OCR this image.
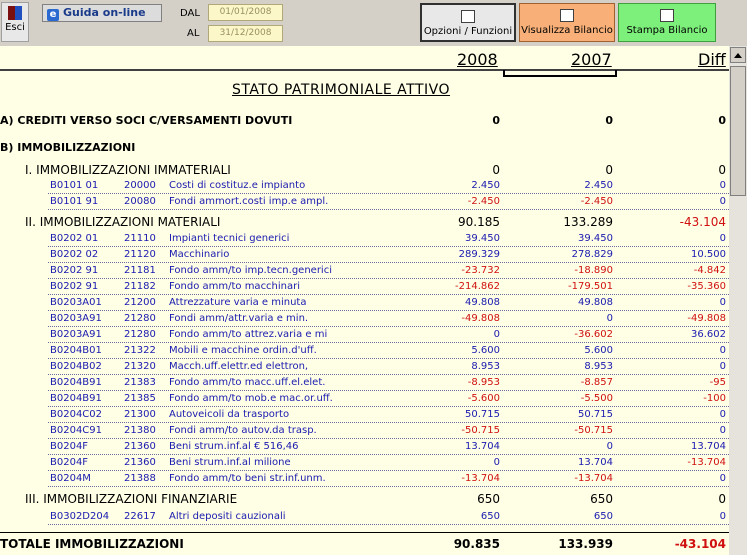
Esci
e Guida on-line	DAL
AL
01/01/2008
31/12/2008	Opzioni / Funzioni Visualizza Bilancio	Stampa Bilancio
2008	2007	Diff
STATO PATRIMONIALE ATTIVO
A) CREDITI VERSO SOCI C/VERSAMENTI DOVUTI	0	0	0
B) IMMOBILIZZAZIONI
I. IMMOBILIZZAZIONI IMMATERIALI	0	0	0
B0101 01	20000 Costi di costituz.e impianto	2.450	2.450	0
B0101 91	20080 Fondi ammort.costi imp.e ampl.	-2.450	-2.450	0
II. IMMOBILIZZAZIONI MATERIALI	90.185	133.289	-43.104
B0202 01	21110 Impianti tecnici generici	39.450	39.450	0
B0202 02	21120 Macchinario	289.329	278.829	10.500
B0202 91	21181 Fondo amm/to imp.tecn.generici	-23.732	-18.890	-4.842
B0202 91	21182 Fondo amm/to macchinari	-214.862	-179.501	-35.360
B0203A01 21200 Attrezzature varia e minuta	49.808	49.808	0
B0203A91 21280 Fondi amm/attr.varia e min.	-49.808	0	-49.808
B0203A91 21280 Fondo amm/to attrez.varia e mi	0	-36.602	36.602
B0204B01 21322 Mobili e macchine ordin.d'uff.	5.600	5.600	0
B0204B02 21320 Macch.uff.elettr.ed elettron,	8.953	8.953	0
B0204B91 21383 Fondo amm/to macc.uff.el.elet.	-8.953	-8.857	-95
B0204B91 21385 Fondo amm/to mob.e mac.or.uff.	-5.600	-5.500	-100
B0204C02 21300 Autoveicoli da trasporto	50.715	50.715	0
B0204C91 21380 Fondi amm/to autov.da trasp.	-50.715	-50.715	0
B0204F	21360 Beni strum.inf.al € 516,46	13.704	0	13.704
B0204F	21360 Beni strum.inf.al milione	0	13.704	-13.704
B0204M	21388 Fondo amm/to beni str.inf.unm.	-13.704	-13.704	0
III. IMMOBILIZZAZIONI FINANZIARIE	650	650	0
B0302D204 22617 Altri depositi cauzionali	650	650	0
TOTALE IMMOBILIZZAZIONI	90.835	133.939	-43.104
